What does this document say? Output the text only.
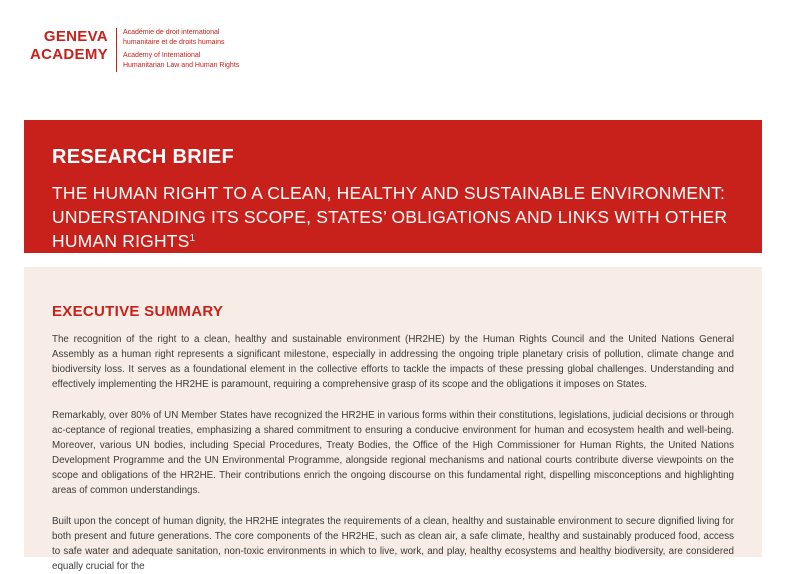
GENEVA
ACADEMY
Académie de droit international
humanitaire et de droits humains
Academy of International
Humanitarian Law and Human Rights
RESEARCH BRIEF
THE HUMAN RIGHT TO A CLEAN, HEALTHY AND SUSTAINABLE ENVIRONMENT:
UNDERSTANDING ITS SCOPE, STATES’ OBLIGATIONS AND LINKS WITH OTHER HUMAN RIGHTS$^1$
EXECUTIVE SUMMARY

The recognition of the right to a clean, healthy and sustainable environment (HR2HE) by the Human Rights Council and the United Nations General Assembly as a human right represents a significant milestone, especially in addressing the ongoing triple planetary crisis of pollution, climate change and biodiversity loss. It serves as a foundational element in the collective efforts to tackle the impacts of these pressing global challenges. Understanding and effectively implementing the HR2HE is paramount, requiring a comprehensive grasp of its scope and the obligations it imposes on States.

Remarkably, over 80% of UN Member States have recognized the HR2HE in various forms within their constitutions, legislations, judicial decisions or through ac-ceptance of regional treaties, emphasizing a shared commitment to ensuring a conducive environment for human and ecosystem health and well-being. Moreover, various UN bodies, including Special Procedures, Treaty Bodies, the Office of the High Commissioner for Human Rights, the United Nations Development Programme and the UN Environmental Programme, alongside regional mechanisms and national courts contribute diverse viewpoints on the scope and obligations of the HR2HE. Their contributions enrich the ongoing discourse on this fundamental right, dispelling misconceptions and highlighting areas of common understandings.

Built upon the concept of human dignity, the HR2HE integrates the requirements of a clean, healthy and sustainable environment to secure dignified living for both present and future generations. The core components of the HR2HE, such as clean air, a safe climate, healthy and sustainably produced food, access to safe water and adequate sanitation, non-toxic environments in which to live, work, and play, healthy ecosystems and healthy biodiversity, are considered equally crucial for the
